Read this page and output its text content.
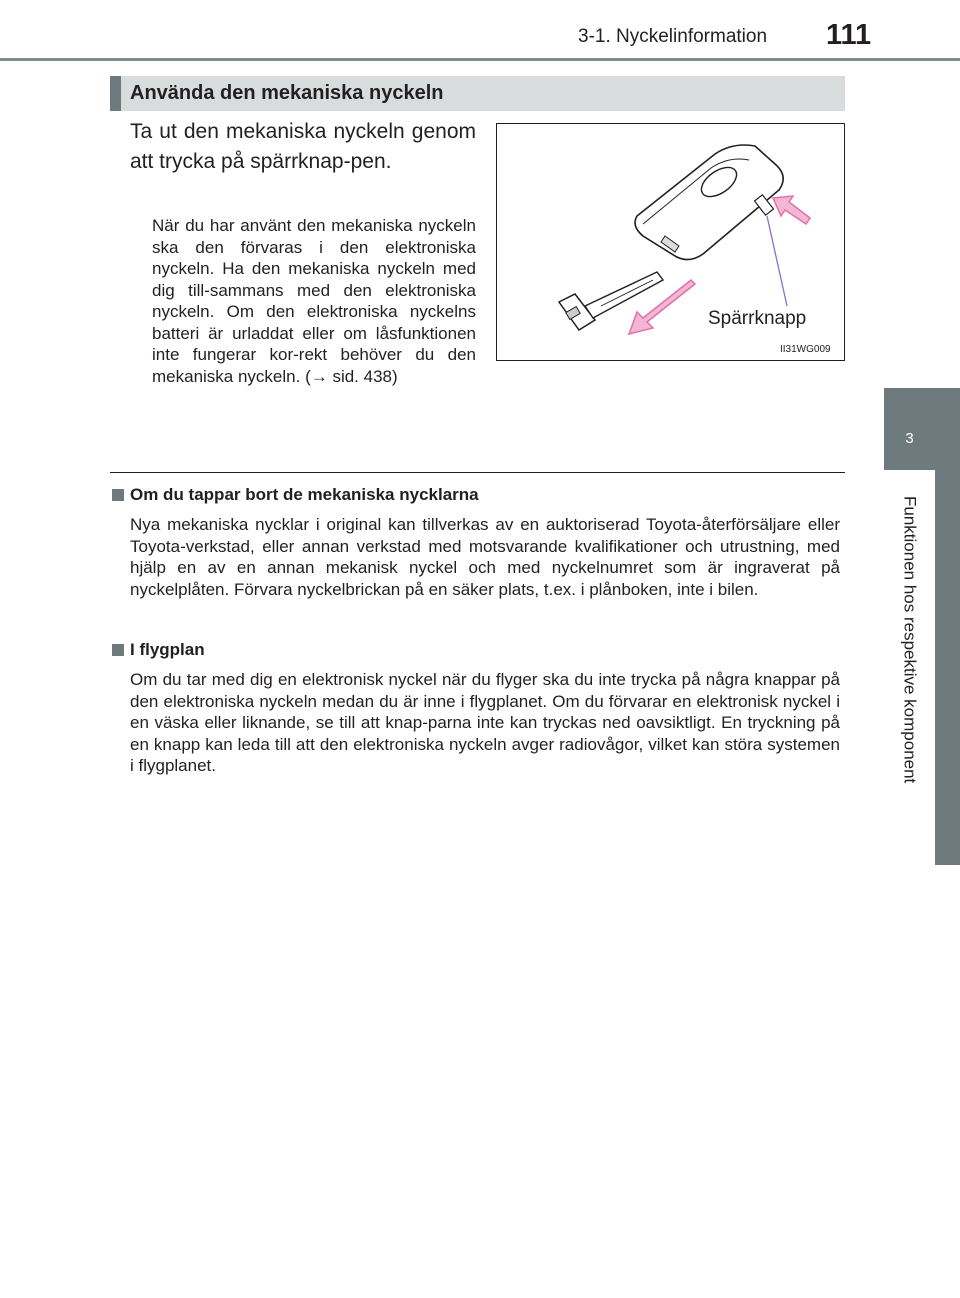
3-1. Nyckelinformation 111
3
Funktionen hos respektive komponent
Använda den mekaniska nyckeln
Ta ut den mekaniska nyckeln genom att trycka på spärrknap-pen.
När du har använt den mekaniska nyckeln ska den förvaras i den elektroniska nyckeln. Ha den mekaniska nyckeln med dig till-sammans med den elektroniska nyckeln. Om den elektroniska nyckelns batteri är urladdat eller om låsfunktionen inte fungerar kor-rekt behöver du den mekaniska nyckeln. (→ sid. 438)
Spärrknapp
II31WG009
Om du tappar bort de mekaniska nycklarna
Nya mekaniska nycklar i original kan tillverkas av en auktoriserad Toyota-återförsäljare eller Toyota-verkstad, eller annan verkstad med motsvarande kvalifikationer och utrustning, med hjälp en av en annan mekanisk nyckel och med nyckelnumret som är ingraverat på nyckelplåten. Förvara nyckelbrickan på en säker plats, t.ex. i plånboken, inte i bilen.
I flygplan
Om du tar med dig en elektronisk nyckel när du flyger ska du inte trycka på några knappar på den elektroniska nyckeln medan du är inne i flygplanet. Om du förvarar en elektronisk nyckel i en väska eller liknande, se till att knap-parna inte kan tryckas ned oavsiktligt. En tryckning på en knapp kan leda till att den elektroniska nyckeln avger radiovågor, vilket kan störa systemen i flygplanet.
